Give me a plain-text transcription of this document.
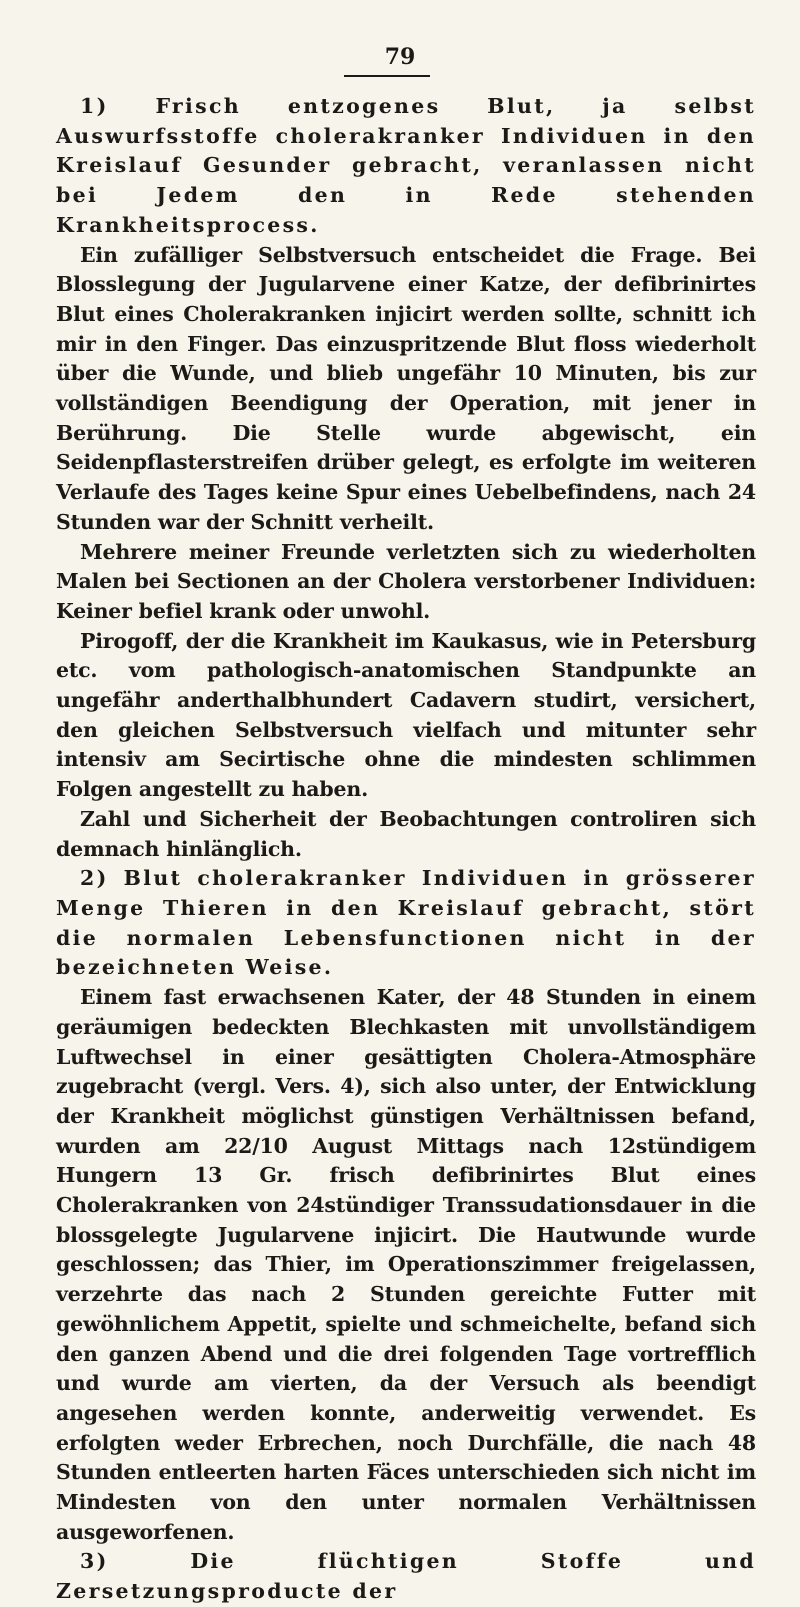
79

1) Frisch entzogenes Blut, ja selbst Auswurfsstoffe cholerakranker Individuen in den Kreislauf Gesunder gebracht, veranlassen nicht bei Jedem den in Rede stehenden Krankheitsprocess.

Ein zufälliger Selbstversuch entscheidet die Frage. Bei Blosslegung der Jugularvene einer Katze, der defibrinirtes Blut eines Cholerakranken injicirt werden sollte, schnitt ich mir in den Finger. Das einzuspritzende Blut floss wiederholt über die Wunde, und blieb ungefähr 10 Minuten, bis zur vollständigen Beendigung der Operation, mit jener in Berührung. Die Stelle wurde abgewischt, ein Seidenpflasterstreifen drüber gelegt, es erfolgte im weiteren Verlaufe des Tages keine Spur eines Uebelbefindens, nach 24 Stunden war der Schnitt verheilt.

Mehrere meiner Freunde verletzten sich zu wiederholten Malen bei Sectionen an der Cholera verstorbener Individuen: Keiner befiel krank oder unwohl.

Pirogoff, der die Krankheit im Kaukasus, wie in Petersburg etc. vom pathologisch-anatomischen Standpunkte an ungefähr anderthalbhundert Cadavern studirt, versichert, den gleichen Selbstversuch vielfach und mitunter sehr intensiv am Secirtische ohne die mindesten schlimmen Folgen angestellt zu haben.

Zahl und Sicherheit der Beobachtungen controliren sich demnach hinlänglich.

2) Blut cholerakranker Individuen in grösserer Menge Thieren in den Kreislauf gebracht, stört die normalen Lebensfunctionen nicht in der bezeichneten Weise.

Einem fast erwachsenen Kater, der 48 Stunden in einem geräumigen bedeckten Blechkasten mit unvollständigem Luftwechsel in einer gesättigten Cholera-Atmosphäre zugebracht (vergl. Vers. 4), sich also unter, der Entwicklung der Krankheit möglichst günstigen Verhältnissen befand, wurden am 22/10 August Mittags nach 12stündigem Hungern 13 Gr. frisch defibrinirtes Blut eines Cholerakranken von 24stündiger Transsudationsdauer in die blossgelegte Jugularvene injicirt. Die Hautwunde wurde geschlossen; das Thier, im Operationszimmer freigelassen, verzehrte das nach 2 Stunden gereichte Futter mit gewöhnlichem Appetit, spielte und schmeichelte, befand sich den ganzen Abend und die drei folgenden Tage vortrefflich und wurde am vierten, da der Versuch als beendigt angesehen werden konnte, anderweitig verwendet. Es erfolgten weder Erbrechen, noch Durchfälle, die nach 48 Stunden entleerten harten Fäces unterschieden sich nicht im Mindesten von den unter normalen Verhältnissen ausgeworfenen.

3) Die flüchtigen Stoffe und Zersetzungsproducte der
